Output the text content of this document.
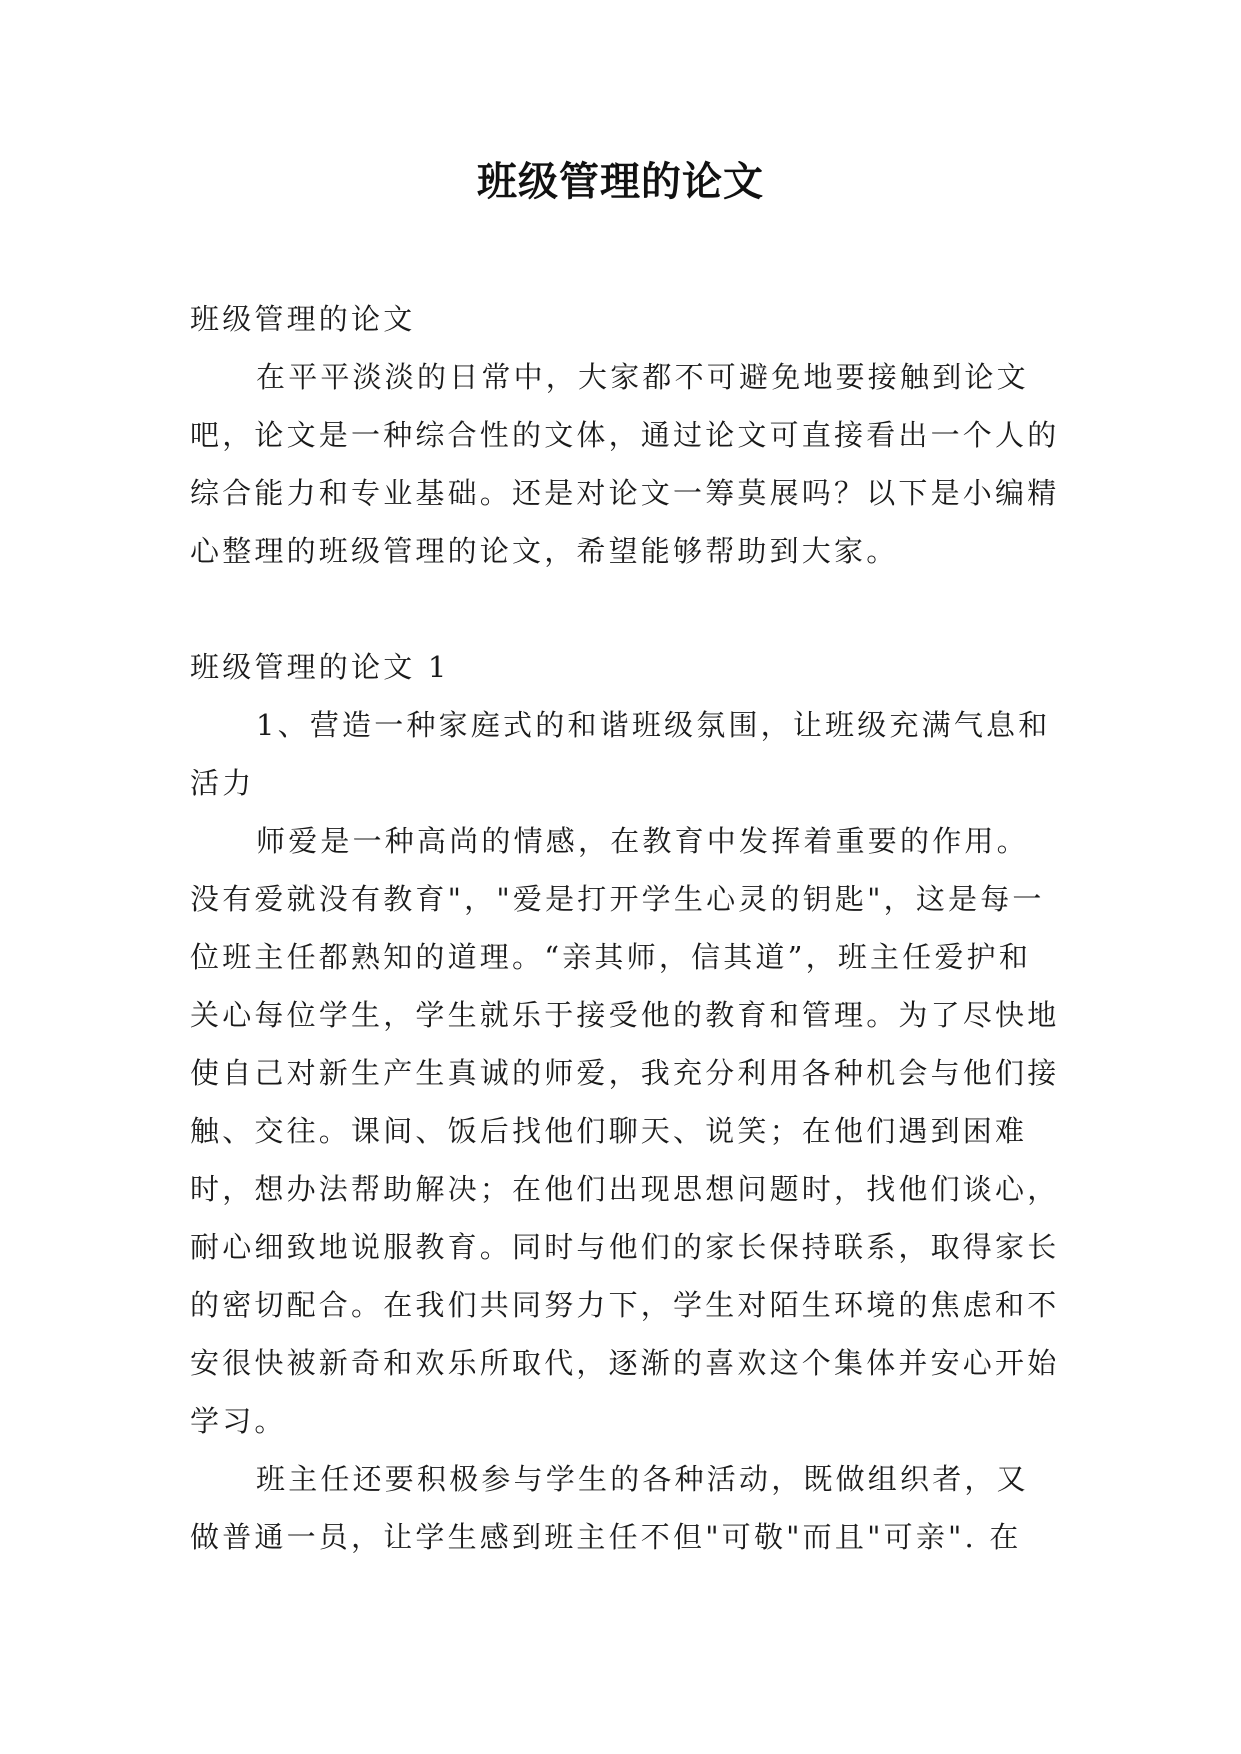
班级管理的论文

班级管理的论文

在平平淡淡的日常中，大家都不可避免地要接触到论文吧，论文是一种综合性的文体，通过论文可直接看出一个人的综合能力和专业基础。还是对论文一筹莫展吗？以下是小编精心整理的班级管理的论文，希望能够帮助到大家。

班级管理的论文 1

1、营造一种家庭式的和谐班级氛围，让班级充满气息和活力

师爱是一种高尚的情感，在教育中发挥着重要的作用。没有爱就没有教育"，"爱是打开学生心灵的钥匙"，这是每一位班主任都熟知的道理。“亲其师，信其道”，班主任爱护和关心每位学生，学生就乐于接受他的教育和管理。为了尽快地使自己对新生产生真诚的师爱，我充分利用各种机会与他们接触、交往。课间、饭后找他们聊天、说笑；在他们遇到困难时，想办法帮助解决；在他们出现思想问题时，找他们谈心，耐心细致地说服教育。同时与他们的家长保持联系，取得家长的密切配合。在我们共同努力下，学生对陌生环境的焦虑和不安很快被新奇和欢乐所取代，逐渐的喜欢这个集体并安心开始学习。

班主任还要积极参与学生的各种活动，既做组织者，又做普通一员，让学生感到班主任不但"可敬"而且"可亲". 在
